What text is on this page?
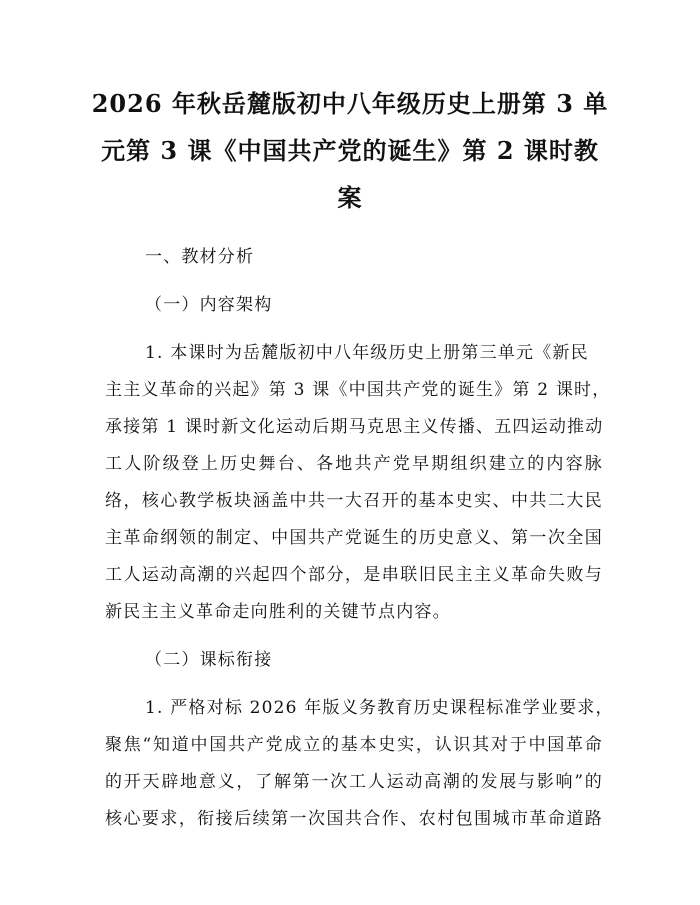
2026 年秋岳麓版初中八年级历史上册第 3 单
元第 3 课《中国共产党的诞生》第 2 课时教
案
一、教材分析
（一）内容架构
1. 本课时为岳麓版初中八年级历史上册第三单元《新民
主主义革命的兴起》第 3 课《中国共产党的诞生》第 2 课时，
承接第 1 课时新文化运动后期马克思主义传播、五四运动推动
工人阶级登上历史舞台、各地共产党早期组织建立的内容脉
络，核心教学板块涵盖中共一大召开的基本史实、中共二大民
主革命纲领的制定、中国共产党诞生的历史意义、第一次全国
工人运动高潮的兴起四个部分，是串联旧民主主义革命失败与
新民主主义革命走向胜利的关键节点内容。
（二）课标衔接
1. 严格对标 2026 年版义务教育历史课程标准学业要求，
聚焦“知道中国共产党成立的基本史实，认识其对于中国革命
的开天辟地意义，了解第一次工人运动高潮的发展与影响”的
核心要求，衔接后续第一次国共合作、农村包围城市革命道路
